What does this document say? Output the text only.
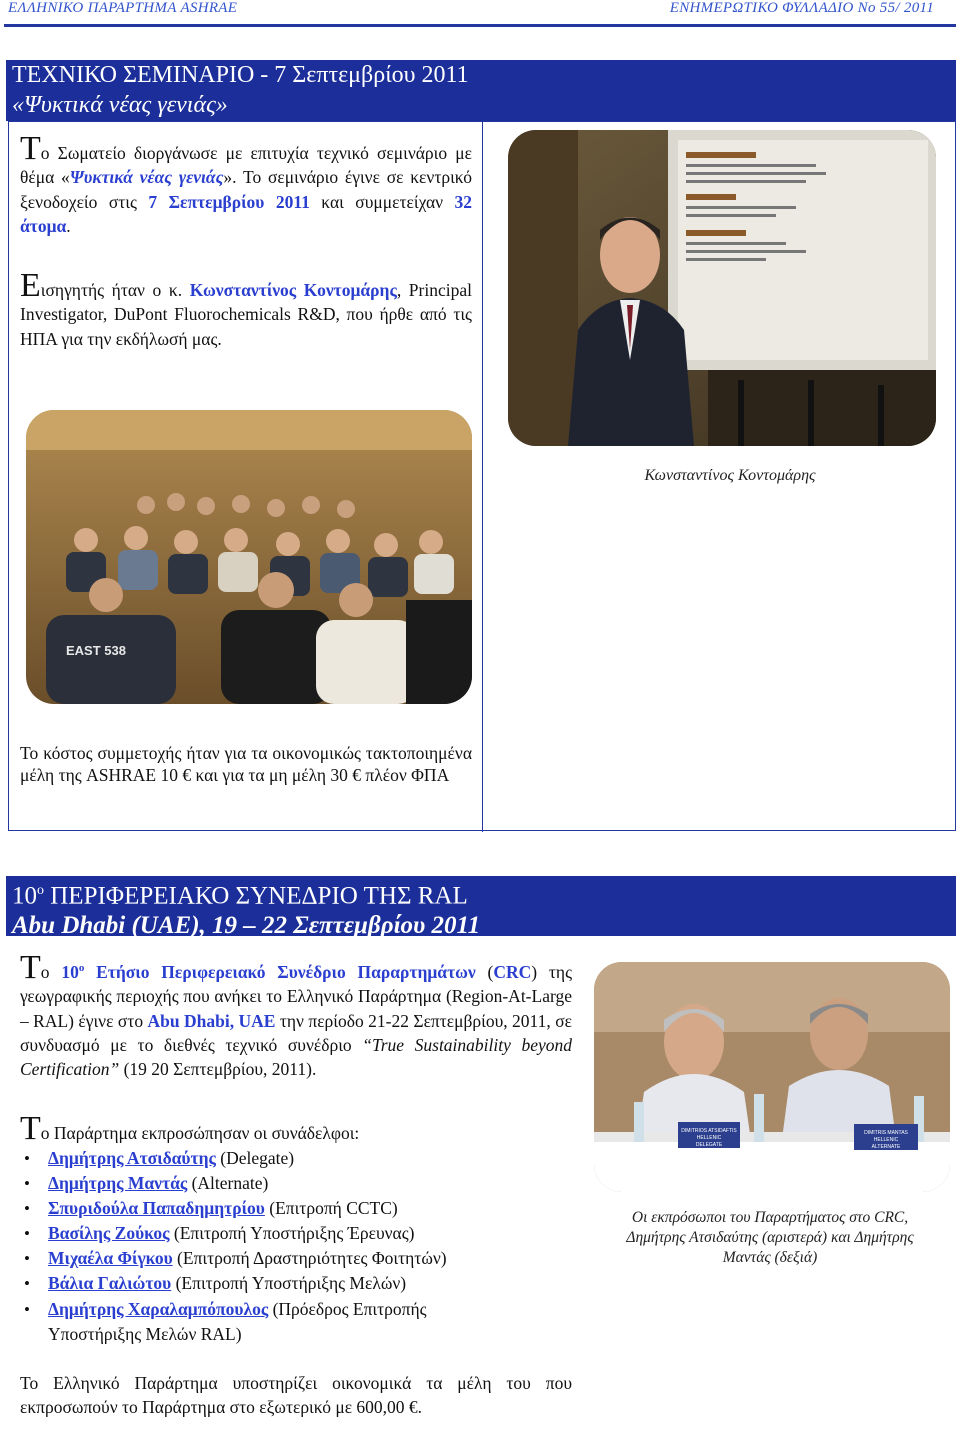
ΕΛΛΗΝΙΚΟ ΠΑΡΑΡΤΗΜΑ ASHRAE	ΕΝΗΜΕΡΩΤΙΚΟ ΦΥΛΛΑΔΙΟ No 55/ 2011
ΤΕΧΝΙΚΟ ΣΕΜΙΝΑΡΙΟ - 7 Σεπτεμβρίου 2011
«Ψυκτικά νέας γενιάς»
Το Σωματείο διοργάνωσε με επιτυχία τεχνικό σεμινάριο με θέμα «Ψυκτικά νέας γενιάς». Το σεμινάριο έγινε σε κεντρικό ξενοδοχείο στις 7 Σεπτεμβρίου 2011 και συμμετείχαν 32 άτομα.
Εισηγητής ήταν ο κ. Κωνσταντίνος Κοντομάρης, Principal Investigator, DuPont Fluorochemicals R&D, που ήρθε από τις ΗΠΑ για την εκδήλωσή μας.
Κωνσταντίνος Κοντομάρης
EAST 538
Το κόστος συμμετοχής ήταν για τα οικονομικώς τακτοποιημένα μέλη της ASHRAE 10 € και για τα μη μέλη 30 € πλέον ΦΠΑ
$10^o$ ΠΕΡΙΦΕΡΕΙΑΚΟ ΣΥΝΕΔΡΙΟ ΤΗΣ RAL
Abu Dhabi (UAE), 19 – 22 Σεπτεμβρίου 2011
Το $10^o$ Ετήσιο Περιφερειακό Συνέδριο Παραρτημάτων (CRC) της γεωγραφικής περιοχής που ανήκει το Ελληνικό Παράρτημα (Region-At-Large – RAL) έγινε στο Abu Dhabi, UAE την περίοδο 21-22 Σεπτεμβρίου, 2011, σε συνδυασμό με το διεθνές τεχνικό συνέδριο “True Sustainability beyond Certification” (19 20 Σεπτεμβρίου, 2011).
Το Παράρτημα εκπροσώπησαν οι συνάδελφοι:
• Δημήτρης Ατσιδαύτης (Delegate)
• Δημήτρης Μαντάς (Alternate)
• Σπυριδούλα Παπαδημητρίου (Επιτροπή CCTC)
• Βασίλης Ζούκος (Επιτροπή Υποστήριξης Έρευνας)
• Μιχαέλα Φίγκου (Επιτροπή Δραστηριότητες Φοιτητών)
• Βάλια Γαλιώτου (Επιτροπή Υποστήριξης Μελών)
• Δημήτρης Χαραλαμπόπουλος (Πρόεδρος Επιτροπής Υποστήριξης Μελών RAL)
DIMITRIOS ATSIDAFTIS
HELLENIC
DELEGATE
DIMITRIS MANTAS
HELLENIC
ALTERNATE
Οι εκπρόσωποι του Παραρτήματος στο CRC, Δημήτρης Ατσιδαύτης (αριστερά) και Δημήτρης Μαντάς (δεξιά)
Το Ελληνικό Παράρτημα υποστηρίζει οικονομικά τα μέλη του που εκπροσωπούν το Παράρτημα στο εξωτερικό με 600,00 €.
